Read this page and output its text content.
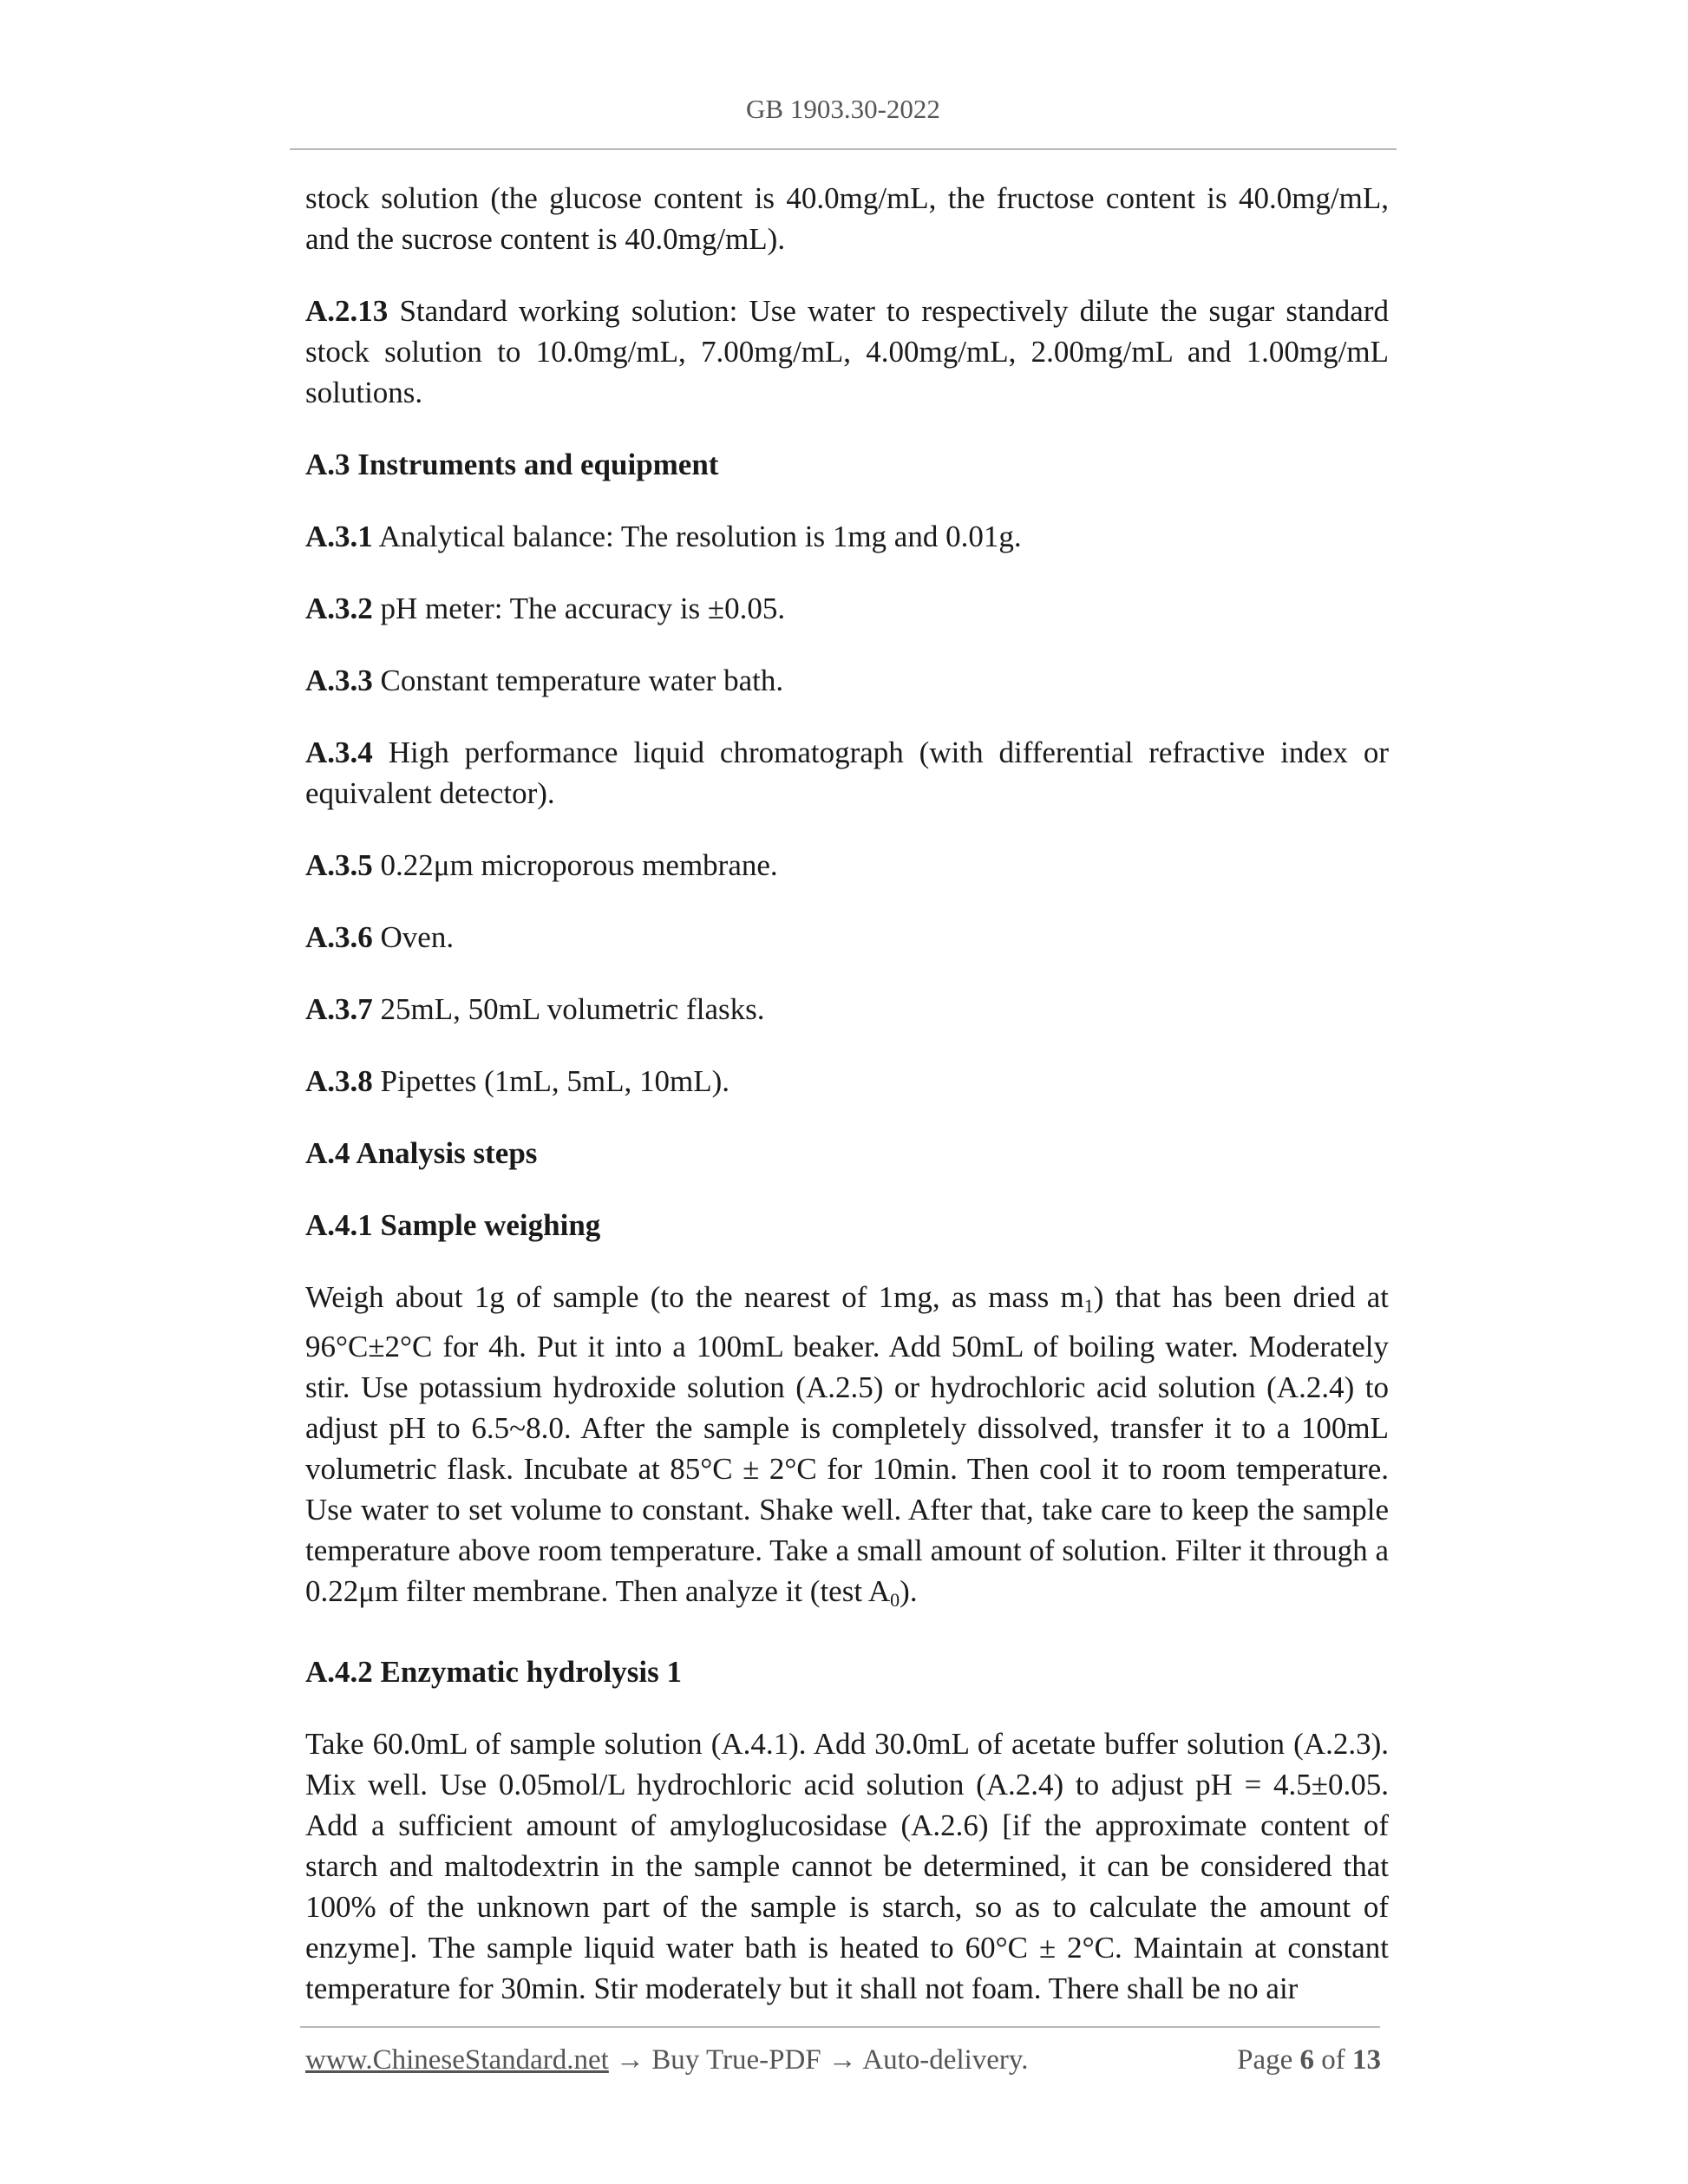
GB 1903.30-2022

stock solution (the glucose content is 40.0mg/mL, the fructose content is 40.0mg/mL, and the sucrose content is 40.0mg/mL).

A.2.13 Standard working solution: Use water to respectively dilute the sugar standard stock solution to 10.0mg/mL, 7.00mg/mL, 4.00mg/mL, 2.00mg/mL and 1.00mg/mL solutions.

A.3 Instruments and equipment

A.3.1 Analytical balance: The resolution is 1mg and 0.01g.

A.3.2 pH meter: The accuracy is ±0.05.

A.3.3 Constant temperature water bath.

A.3.4 High performance liquid chromatograph (with differential refractive index or equivalent detector).

A.3.5 0.22μm microporous membrane.

A.3.6 Oven.

A.3.7 25mL, 50mL volumetric flasks.

A.3.8 Pipettes (1mL, 5mL, 10mL).

A.4 Analysis steps

A.4.1 Sample weighing

Weigh about 1g of sample (to the nearest of 1mg, as mass $m_1$) that has been dried at 96°C±2°C for 4h. Put it into a 100mL beaker. Add 50mL of boiling water. Moderately stir. Use potassium hydroxide solution (A.2.5) or hydrochloric acid solution (A.2.4) to adjust pH to 6.5~8.0. After the sample is completely dissolved, transfer it to a 100mL volumetric flask. Incubate at 85°C ± 2°C for 10min. Then cool it to room temperature. Use water to set volume to constant. Shake well. After that, take care to keep the sample temperature above room temperature. Take a small amount of solution. Filter it through a 0.22μm filter membrane. Then analyze it (test $A_0$).

A.4.2 Enzymatic hydrolysis 1

Take 60.0mL of sample solution (A.4.1). Add 30.0mL of acetate buffer solution (A.2.3). Mix well. Use 0.05mol/L hydrochloric acid solution (A.2.4) to adjust pH = 4.5±0.05. Add a sufficient amount of amyloglucosidase (A.2.6) [if the approximate content of starch and maltodextrin in the sample cannot be determined, it can be considered that 100% of the unknown part of the sample is starch, so as to calculate the amount of enzyme]. The sample liquid water bath is heated to 60°C ± 2°C. Maintain at constant temperature for 30min. Stir moderately but it shall not foam. There shall be no air

www.ChineseStandard.net → Buy True-PDF → Auto-delivery.	Page 6 of 13
